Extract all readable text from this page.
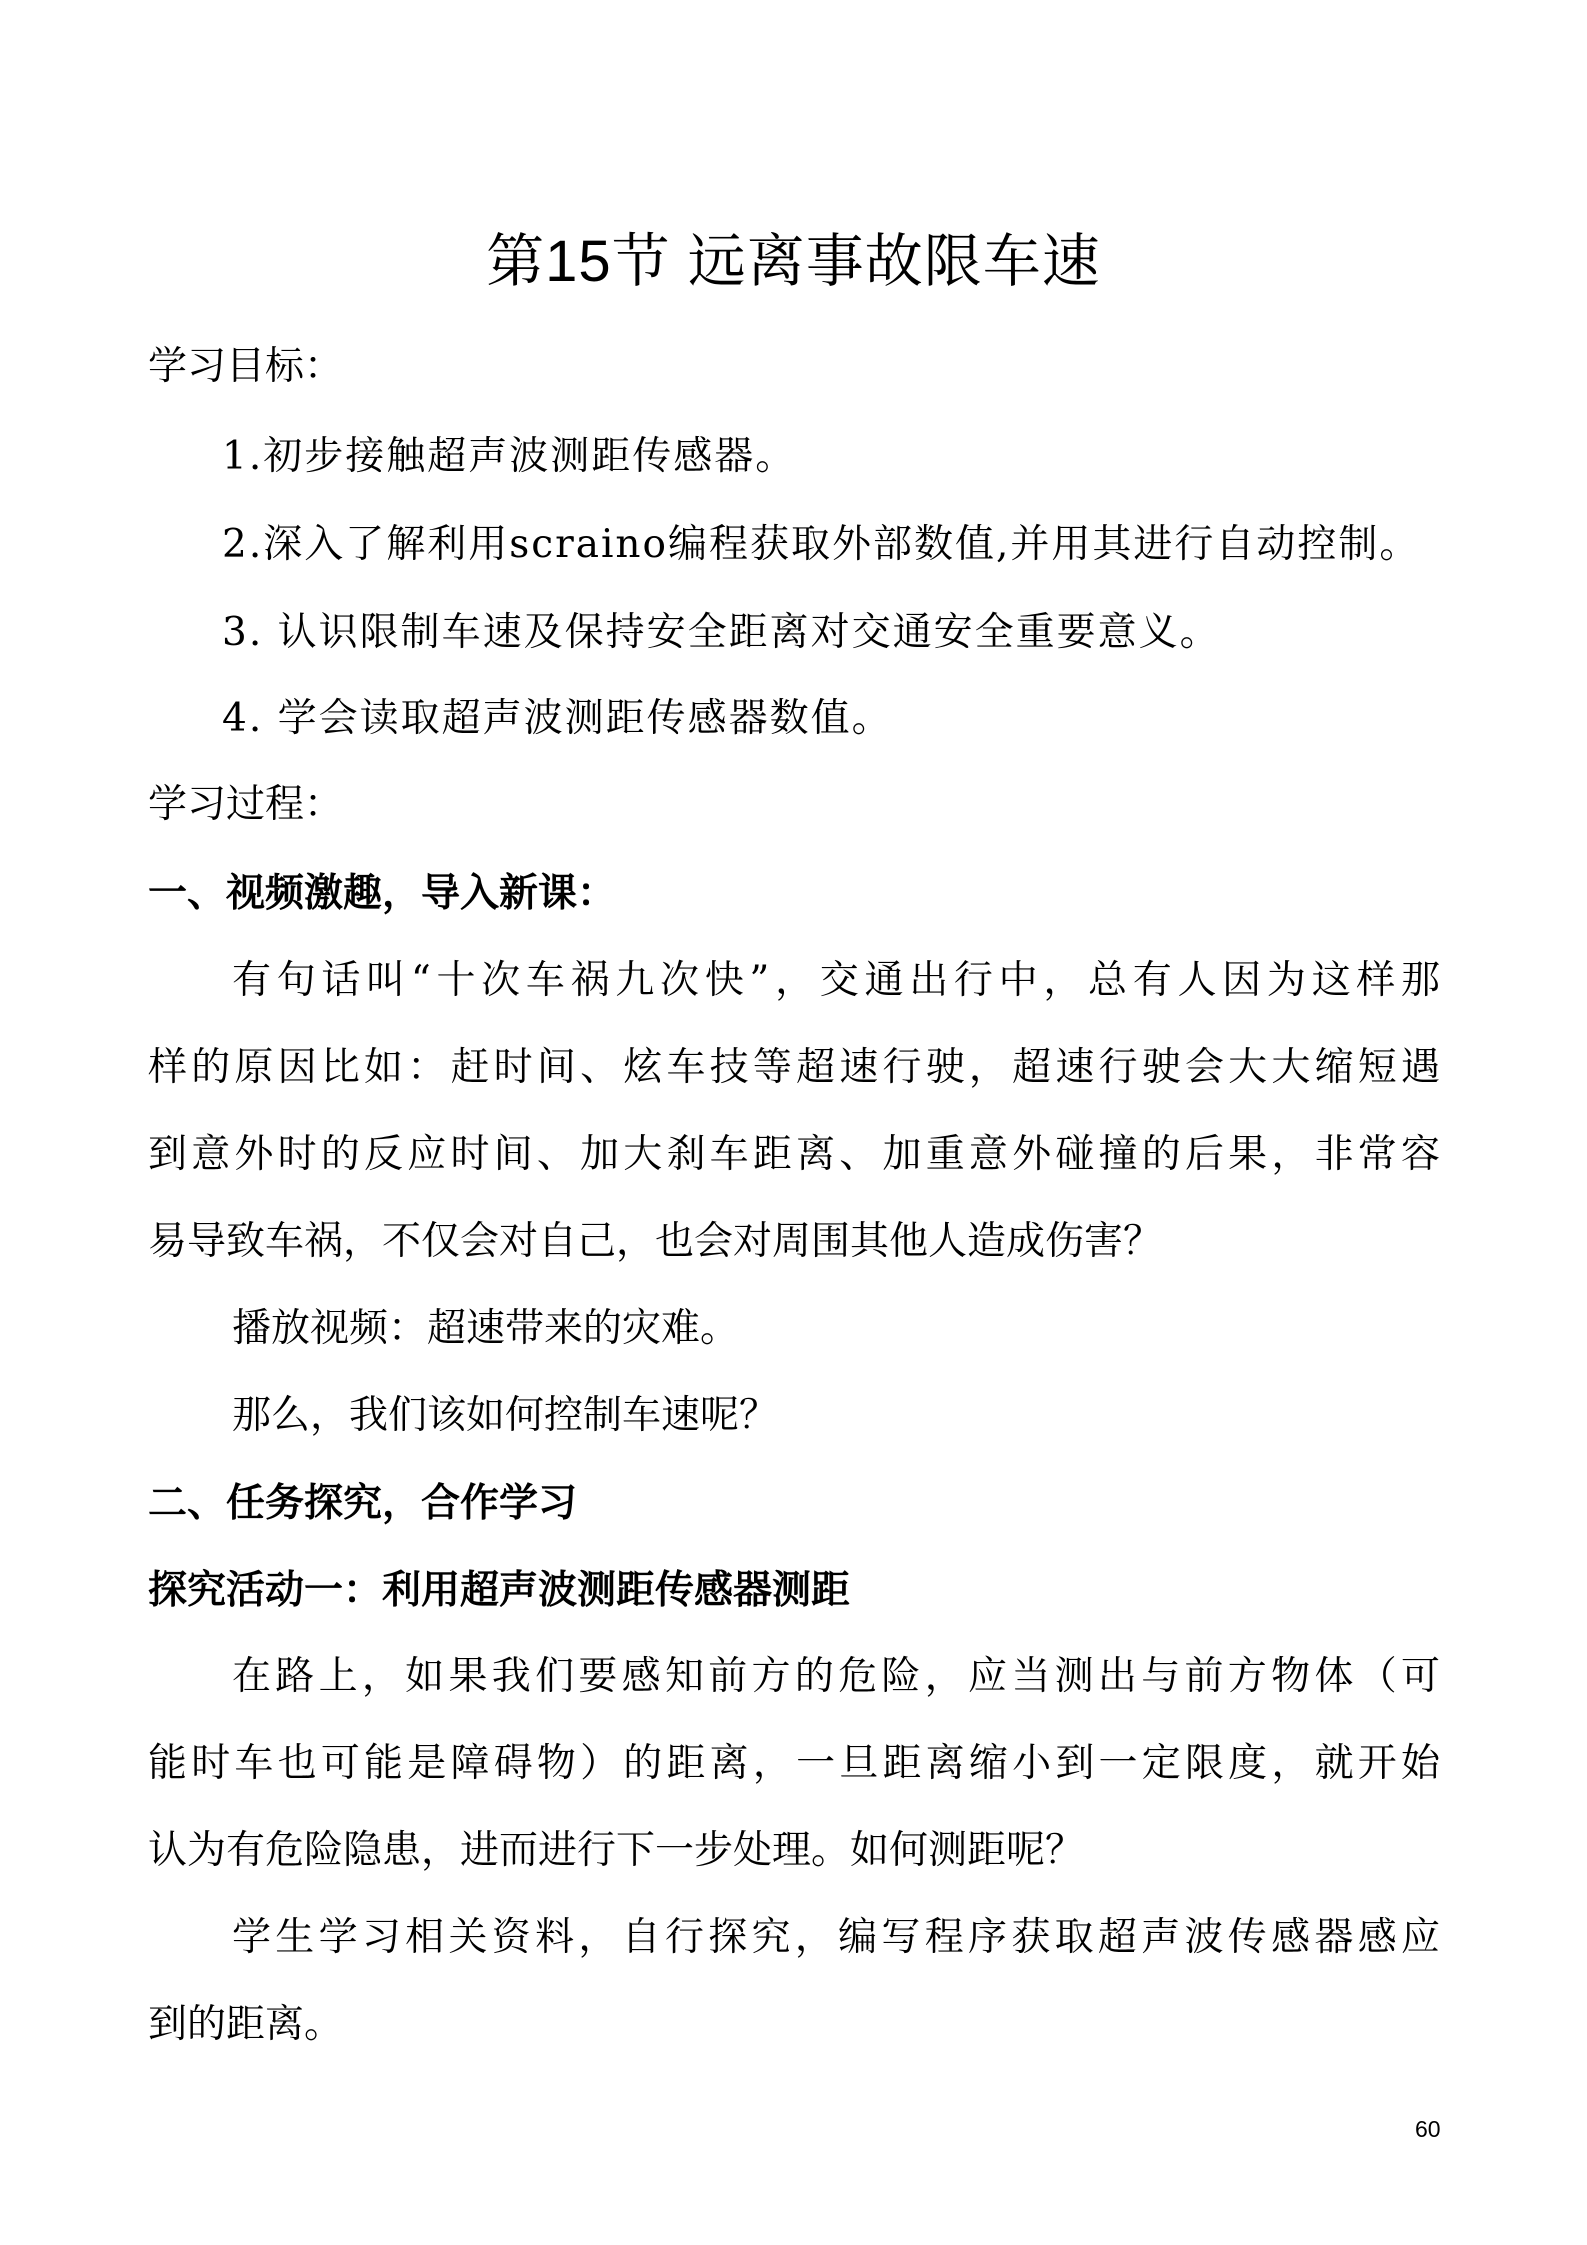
第15节 远离事故限车速
学习目标：
1.初步接触超声波测距传感器。
2.深入了解利用scraino编程获取外部数值,并用其进行自动控制。
3. 认识限制车速及保持安全距离对交通安全重要意义。
4. 学会读取超声波测距传感器数值。
学习过程：
一、视频激趣，导入新课：
有句话叫“十次车祸九次快”，交通出行中，总有人因为这样那
样的原因比如：赶时间、炫车技等超速行驶，超速行驶会大大缩短遇
到意外时的反应时间、加大刹车距离、加重意外碰撞的后果，非常容
易导致车祸，不仅会对自己，也会对周围其他人造成伤害？
播放视频：超速带来的灾难。
那么，我们该如何控制车速呢？
二、任务探究，合作学习
探究活动一：利用超声波测距传感器测距
在路上，如果我们要感知前方的危险，应当测出与前方物体（可
能时车也可能是障碍物）的距离，一旦距离缩小到一定限度，就开始
认为有危险隐患，进而进行下一步处理。如何测距呢？
学生学习相关资料，自行探究，编写程序获取超声波传感器感应
到的距离。
60
